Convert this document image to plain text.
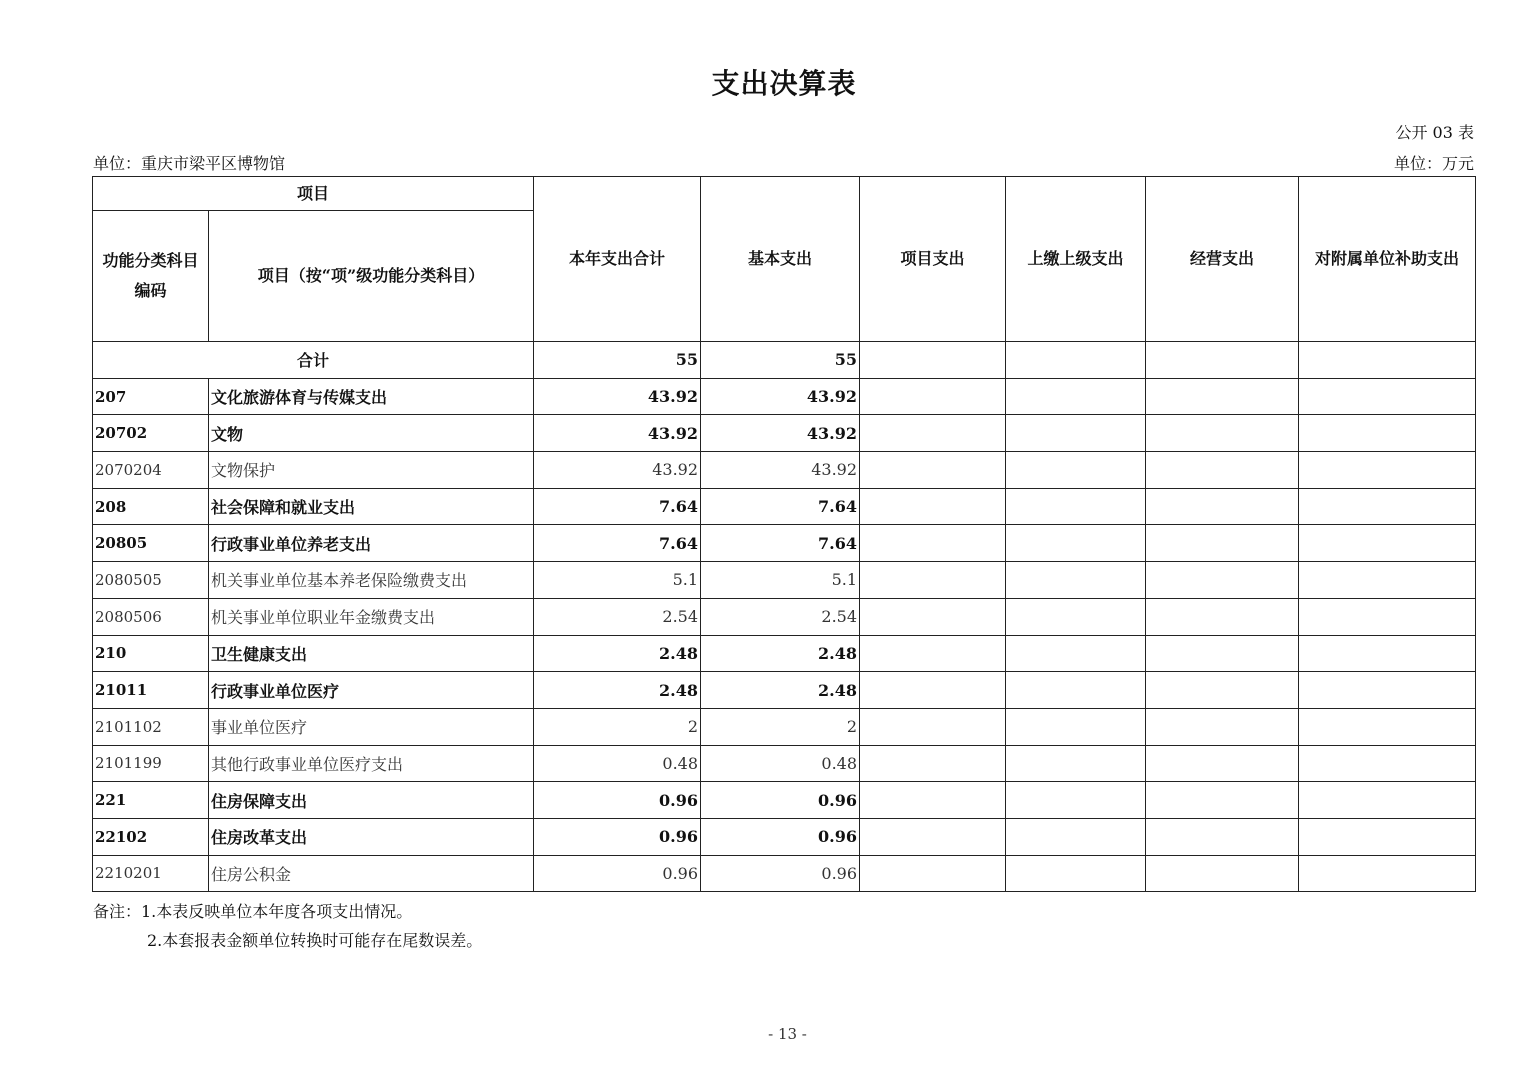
支出决算表
公开 03 表
单位：重庆市梁平区博物馆	单位：万元
项目		本年支出合计	基本支出	项目支出	上缴上级支出	经营支出	对附属单位补助支出
功能分类科目编码	项目（按“项”级功能分类科目）						
合计		55	55				
207	文化旅游体育与传媒支出	43.92	43.92				
20702	文物	43.92	43.92				
2070204	文物保护	43.92	43.92				
208	社会保障和就业支出	7.64	7.64				
20805	行政事业单位养老支出	7.64	7.64				
2080505	机关事业单位基本养老保险缴费支出	5.1	5.1				
2080506	机关事业单位职业年金缴费支出	2.54	2.54				
210	卫生健康支出	2.48	2.48				
21011	行政事业单位医疗	2.48	2.48				
2101102	事业单位医疗	2	2				
2101199	其他行政事业单位医疗支出	0.48	0.48				
221	住房保障支出	0.96	0.96				
22102	住房改革支出	0.96	0.96				
2210201	住房公积金	0.96	0.96				
备注：1.本表反映单位本年度各项支出情况。
2.本套报表金额单位转换时可能存在尾数误差。
- 13 -
